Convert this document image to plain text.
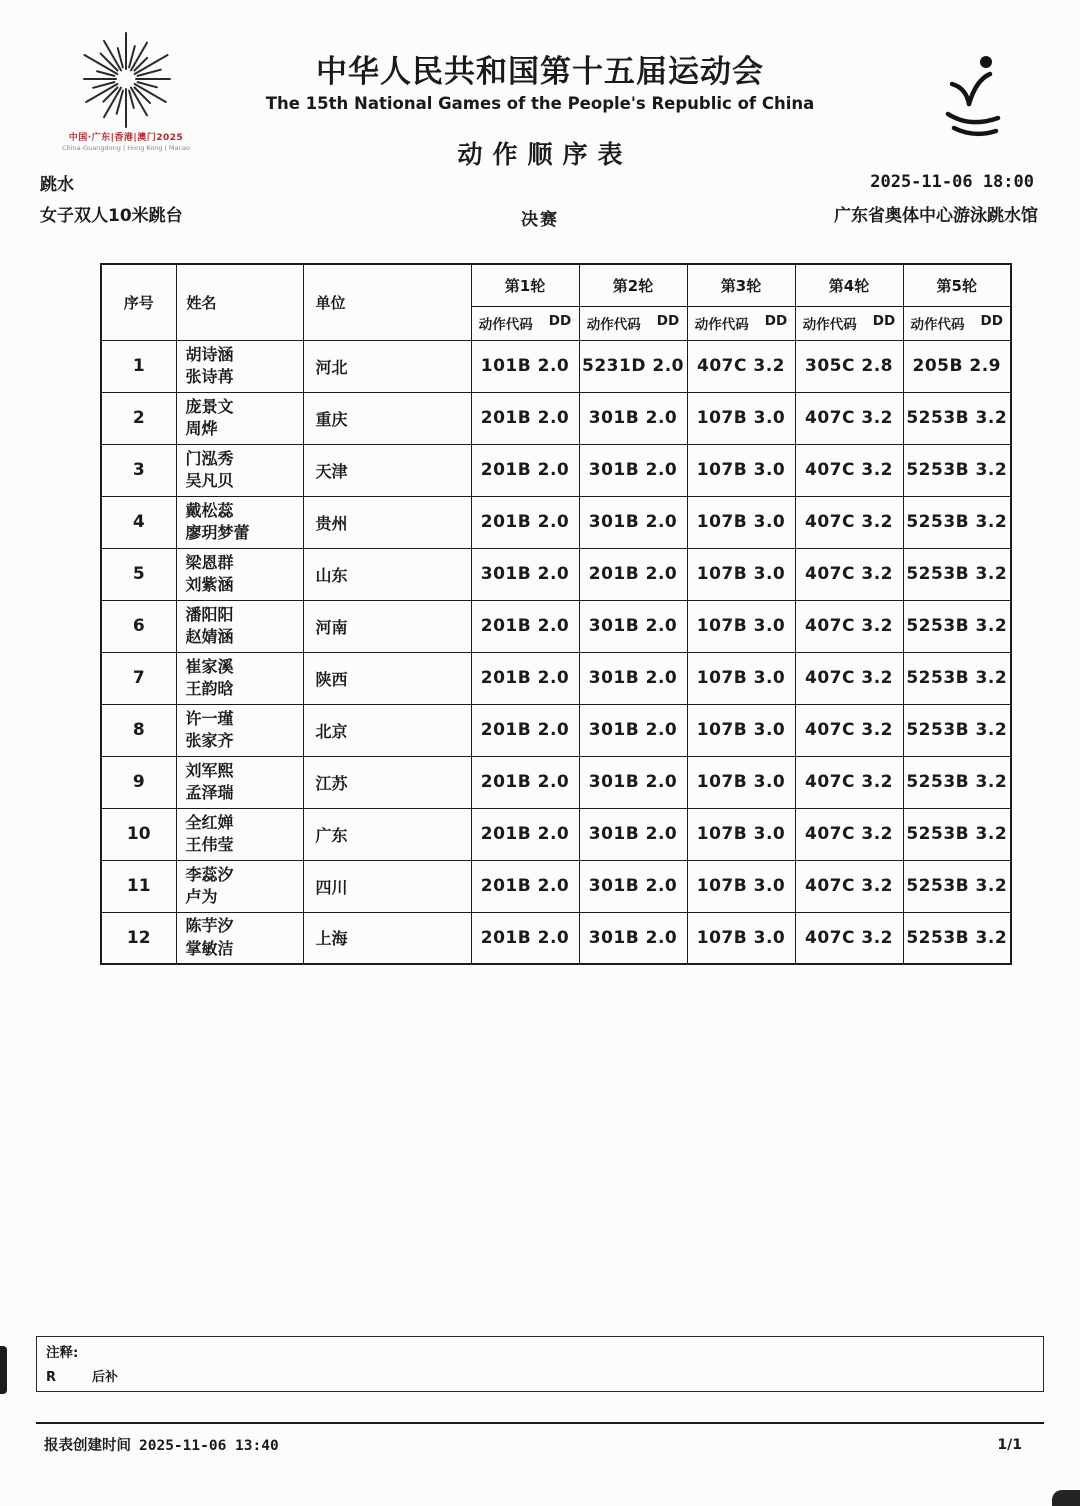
中国·广东|香港|澳门2025
China-Guangdong | Hong Kong | Macao
中华人民共和国第十五届运动会
The 15th National Games of the People's Republic of China
动作顺序表
跳水	2025-11-06 18:00
女子双人10米跳台	决赛	广东省奥体中心游泳跳水馆
序号	姓名	单位	第1轮	第2轮	第3轮	第4轮	第5轮

			动作代码 DD	动作代码 DD	动作代码 DD	动作代码 DD	动作代码 DD

1	胡诗涵
张诗苒	河北	101B 2.0	5231D 2.0	407C 3.2	305C 2.8	205B 2.9
2	庞景文
周烨	重庆	201B 2.0	301B 2.0	107B 3.0	407C 3.2	5253B 3.2
3	门泓秀
吴凡贝	天津	201B 2.0	301B 2.0	107B 3.0	407C 3.2	5253B 3.2
4	戴松蕊
廖玥梦蕾	贵州	201B 2.0	301B 2.0	107B 3.0	407C 3.2	5253B 3.2
5	梁恩群
刘紫涵	山东	301B 2.0	201B 2.0	107B 3.0	407C 3.2	5253B 3.2
6	潘阳阳
赵婧涵	河南	201B 2.0	301B 2.0	107B 3.0	407C 3.2	5253B 3.2
7	崔家溪
王韵晗	陕西	201B 2.0	301B 2.0	107B 3.0	407C 3.2	5253B 3.2
8	许一瑾
张家齐	北京	201B 2.0	301B 2.0	107B 3.0	407C 3.2	5253B 3.2
9	刘军熙
孟泽瑞	江苏	201B 2.0	301B 2.0	107B 3.0	407C 3.2	5253B 3.2
10	全红婵
王伟莹	广东	201B 2.0	301B 2.0	107B 3.0	407C 3.2	5253B 3.2
11	李蕊汐
卢为	四川	201B 2.0	301B 2.0	107B 3.0	407C 3.2	5253B 3.2
12	陈芋汐
掌敏洁	上海	201B 2.0	301B 2.0	107B 3.0	407C 3.2	5253B 3.2
注释:
R	后补
报表创建时间 2025-11-06 13:40	1/1
